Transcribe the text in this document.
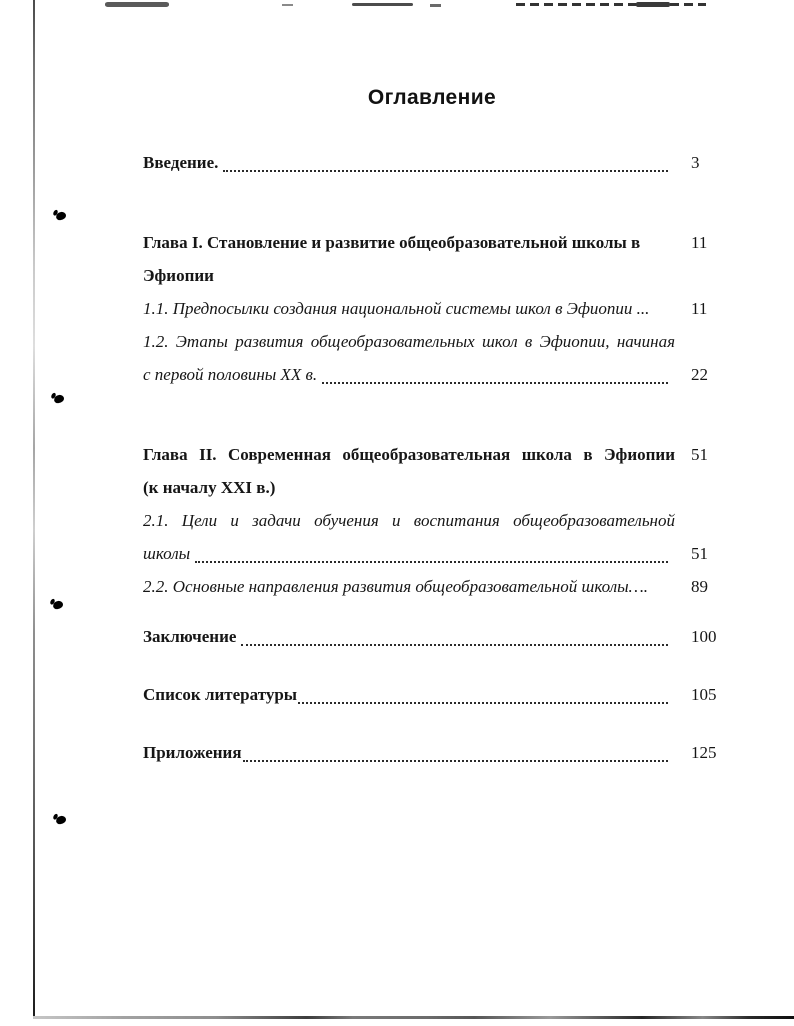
Оглавление
Введение.	3
Глава I. Становление и развитие общеобразовательной школы в	11
Эфиопии
1.1. Предпосылки создания национальной системы школ в Эфиопии ...	11
1.2. Этапы развития общеобразовательных школ в Эфиопии, начиная
с первой половины XX в.	22
Глава II. Современная общеобразовательная школа в Эфиопии 51
(к началу XXI в.)
2.1. Цели и задачи обучения и воспитания общеобразовательной
школы	51
2.2. Основные направления развития общеобразовательной школы….	89
Заключение	100
Список литературы	105
Приложения	125
